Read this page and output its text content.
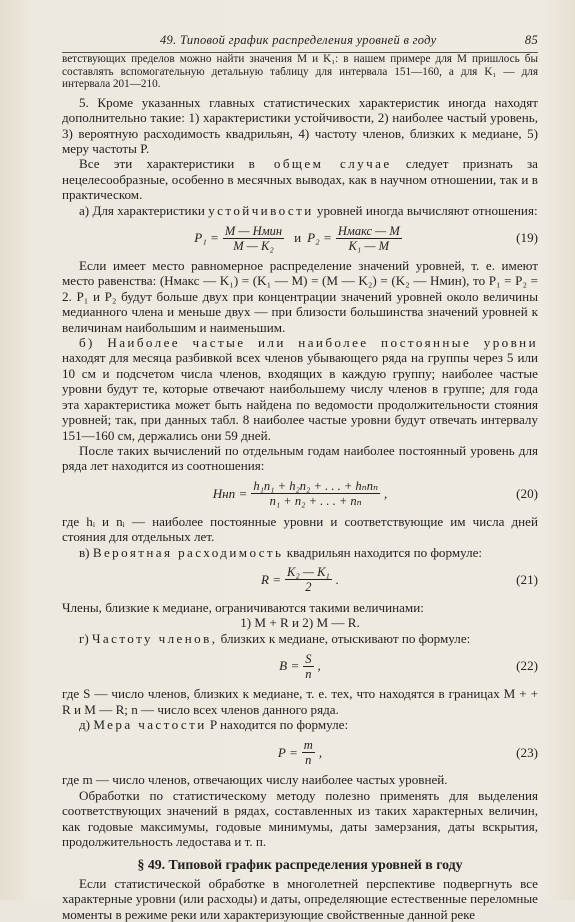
49. Типовой график распределения уровней в году	85

ветствующих пределов можно найти значения M и K₁: в нашем примере для M пришлось бы составлять вспомогательную детальную таблицу для интервала 151—160, а для K₁ — для интервала 201—210.

5. Кроме указанных главных статистических характеристик иногда находят дополнительно такие: 1) характеристики устойчивости, 2) наиболее частый уровень, 3) вероятную расходимость квадрильян, 4) частоту членов, близких к медиане, 5) меру частоты P.

Все эти характеристики в общем случае следует признать за нецелесообразные, особенно в месячных выводах, как в научном отношении, так и в практическом.

а) Для характеристики устойчивости уровней иногда вычисляют отношения:

$P_1 = \frac{\text{M — Hмин}}{\text{M — K₂}}$ и $P_2 = \frac{\text{Hмакс — M}}{\text{K₁ — M}}$	(19)

Если имеет место равномерное распределение значений уровней, т. е. имеют место равенства: (Hмакс — K₁) = (K₁ — M) = (M — K₂) = (K₂ — Hмин), то P₁ = P₂ = 2. P₁ и P₂ будут больше двух при концентрации значений уровней около величины медианного члена и меньше двух — при близости большинства значений уровней к величинам наибольшим и наименьшим.

б) Наиболее частые или наиболее постоянные уровни находят для месяца разбивкой всех членов убывающего ряда на группы через 5 или 10 см и подсчетом числа членов, входящих в каждую группу; наиболее частые уровни будут те, которые отвечают наибольшему числу членов в группе; для года эта характеристика может быть найдена по ведомости продолжительности стояния уровней; так, при данных табл. 8 наиболее частые уровни будут отвечать интервалу 151—160 см, держались они 59 дней.

После таких вычислений по отдельным годам наиболее постоянный уровень для ряда лет находится из соотношения:

Hнп = $\frac{\text{h₁n₁ + h₂n₂ + . . . + hₙnₙ}}{\text{n₁ + n₂ + . . . + nₙ}}$ ,	(20)

где hᵢ и nᵢ — наиболее постоянные уровни и соответствующие им числа дней стояния для отдельных лет.

в) Вероятная расходимость квадрильян находится по формуле:

$R = \frac{\text{K₂ — K₁}}{2}$ .	(21)

Члены, близкие к медиане, ограничиваются такими величинами:

1) M + R и 2) M — R.

г) Частоту членов, близких к медиане, отыскивают по формуле:

$B = \frac{S}{n}$ ,	(22)

где S — число членов, близких к медиане, т. е. тех, что находятся в границах M + + R и M — R; n — число всех членов данного ряда.

д) Мера частости P находится по формуле:

$P = \frac{m}{n}$ ,	(23)

где m — число членов, отвечающих числу наиболее частых уровней.

Обработки по статистическому методу полезно применять для выделения соответствующих значений в рядах, составленных из таких характерных величин, как годовые максимумы, годовые минимумы, даты замерзания, даты вскрытия, продолжительность ледостава и т. п.

§ 49. Типовой график распределения уровней в году

Если статистической обработке в многолетней перспективе подвергнуть все характерные уровни (или расходы) и даты, определяющие естественные переломные моменты в режиме реки или характеризующие свойственные данной реке
